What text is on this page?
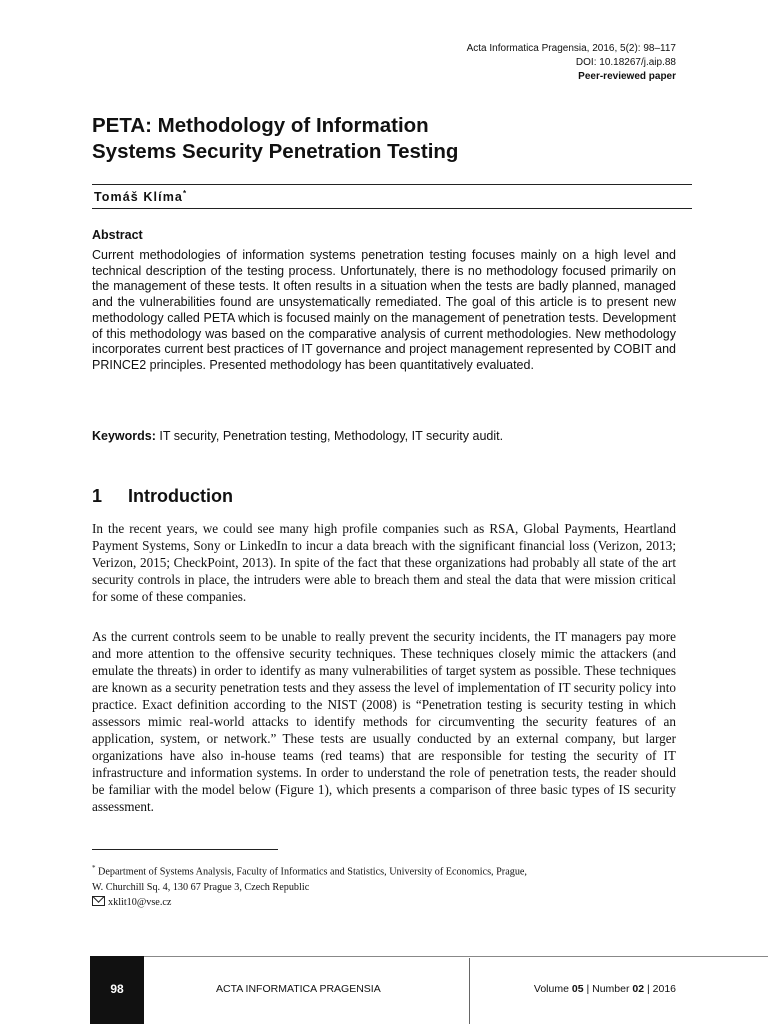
Acta Informatica Pragensia, 2016, 5(2): 98–117
DOI: 10.18267/j.aip.88
Peer-reviewed paper
PETA: Methodology of Information
Systems Security Penetration Testing
Tomáš Klíma*
Abstract

Current methodologies of information systems penetration testing focuses mainly on a high level and technical description of the testing process. Unfortunately, there is no methodology focused primarily on the management of these tests. It often results in a situation when the tests are badly planned, managed and the vulnerabilities found are unsystematically remediated. The goal of this article is to present new methodology called PETA which is focused mainly on the management of penetration tests. Development of this methodology was based on the comparative analysis of current methodologies. New methodology incorporates current best practices of IT governance and project management represented by COBIT and PRINCE2 principles. Presented methodology has been quantitatively evaluated.

Keywords: IT security, Penetration testing, Methodology, IT security audit.
1 Introduction

In the recent years, we could see many high profile companies such as RSA, Global Payments, Heartland Payment Systems, Sony or LinkedIn to incur a data breach with the significant financial loss (Verizon, 2013; Verizon, 2015; CheckPoint, 2013). In spite of the fact that these organizations had probably all state of the art security controls in place, the intruders were able to breach them and steal the data that were mission critical for some of these companies.

As the current controls seem to be unable to really prevent the security incidents, the IT managers pay more and more attention to the offensive security techniques. These techniques closely mimic the attackers (and emulate the threats) in order to identify as many vulnerabilities of target system as possible. These techniques are known as a security penetration tests and they assess the level of implementation of IT security policy into practice. Exact definition according to the NIST (2008) is “Penetration testing is security testing in which assessors mimic real-world attacks to identify methods for circumventing the security features of an application, system, or network.” These tests are usually conducted by an external company, but larger organizations have also in-house teams (red teams) that are responsible for testing the security of IT infrastructure and information systems. In order to understand the role of penetration tests, the reader should be familiar with the model below (Figure 1), which presents a comparison of three basic types of IS security assessment.

* Department of Systems Analysis, Faculty of Informatics and Statistics, University of Economics, Prague,
W. Churchill Sq. 4, 130 67 Prague 3, Czech Republic
xklit10@vse.cz
98	ACTA INFORMATICA PRAGENSIA	Volume 05 | Number 02 | 2016
